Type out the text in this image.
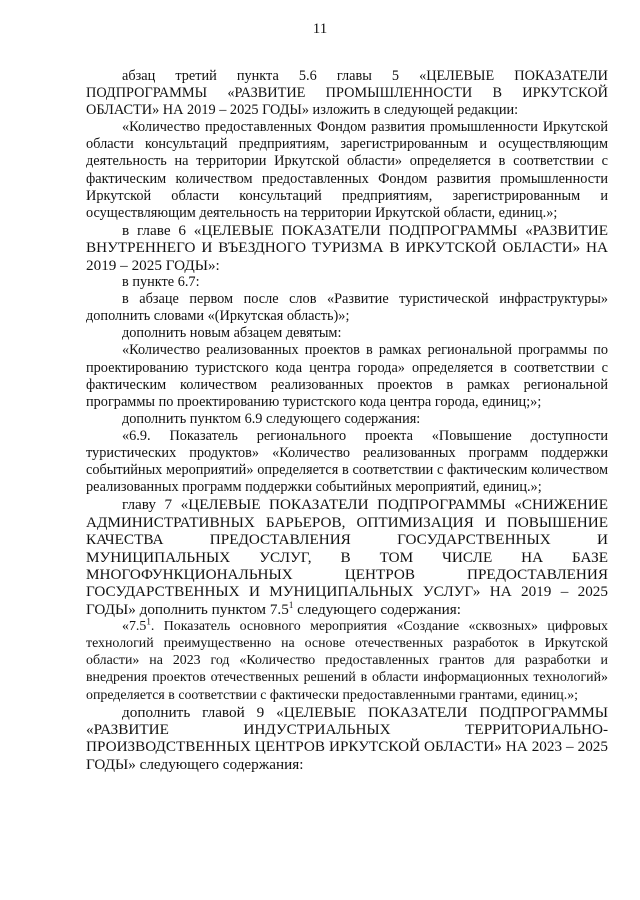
11

абзац третий пункта 5.6 главы 5 «ЦЕЛЕВЫЕ ПОКАЗАТЕЛИ ПОДПРОГРАММЫ «РАЗВИТИЕ ПРОМЫШЛЕННОСТИ В ИРКУТСКОЙ ОБЛАСТИ» НА 2019 – 2025 ГОДЫ» изложить в следующей редакции:

«Количество предоставленных Фондом развития промышленности Иркутской области консультаций предприятиям, зарегистрированным и осуществляющим деятельность на территории Иркутской области» определяется в соответствии с фактическим количеством предоставленных Фондом развития промышленности Иркутской области консультаций предприятиям, зарегистрированным и осуществляющим деятельность на территории Иркутской области, единиц.»;

в главе 6 «ЦЕЛЕВЫЕ ПОКАЗАТЕЛИ ПОДПРОГРАММЫ «РАЗВИТИЕ ВНУТРЕННЕГО И ВЪЕЗДНОГО ТУРИЗМА В ИРКУТСКОЙ ОБЛАСТИ» НА 2019 – 2025 ГОДЫ»:

в пункте 6.7:

в абзаце первом после слов «Развитие туристической инфраструктуры» дополнить словами «(Иркутская область)»;

дополнить новым абзацем девятым:

«Количество реализованных проектов в рамках региональной программы по проектированию туристского кода центра города» определяется в соответствии с фактическим количеством реализованных проектов в рамках региональной программы по проектированию туристского кода центра города, единиц;»;

дополнить пунктом 6.9 следующего содержания:

«6.9. Показатель регионального проекта «Повышение доступности туристических продуктов» «Количество реализованных программ поддержки событийных мероприятий» определяется в соответствии с фактическим количеством реализованных программ поддержки событийных мероприятий, единиц.»;

главу 7 «ЦЕЛЕВЫЕ ПОКАЗАТЕЛИ ПОДПРОГРАММЫ «СНИЖЕНИЕ АДМИНИСТРАТИВНЫХ БАРЬЕРОВ, ОПТИМИЗАЦИЯ И ПОВЫШЕНИЕ КАЧЕСТВА ПРЕДОСТАВЛЕНИЯ ГОСУДАРСТВЕННЫХ И МУНИЦИПАЛЬНЫХ УСЛУГ, В ТОМ ЧИСЛЕ НА БАЗЕ МНОГОФУНКЦИОНАЛЬНЫХ ЦЕНТРОВ ПРЕДОСТАВЛЕНИЯ ГОСУДАРСТВЕННЫХ И МУНИЦИПАЛЬНЫХ УСЛУГ» НА 2019 – 2025 ГОДЫ» дополнить пунктом $7.5^1$ следующего содержания:

«$7.5^1$. Показатель основного мероприятия «Создание «сквозных» цифровых технологий преимущественно на основе отечественных разработок в Иркутской области» на 2023 год «Количество предоставленных грантов для разработки и внедрения проектов отечественных решений в области информационных технологий» определяется в соответствии с фактически предоставленными грантами, единиц.»;

дополнить главой 9 «ЦЕЛЕВЫЕ ПОКАЗАТЕЛИ ПОДПРОГРАММЫ «РАЗВИТИЕ ИНДУСТРИАЛЬНЫХ ТЕРРИТОРИАЛЬНО-ПРОИЗВОДСТВЕННЫХ ЦЕНТРОВ ИРКУТСКОЙ ОБЛАСТИ» НА 2023 – 2025 ГОДЫ» следующего содержания:
